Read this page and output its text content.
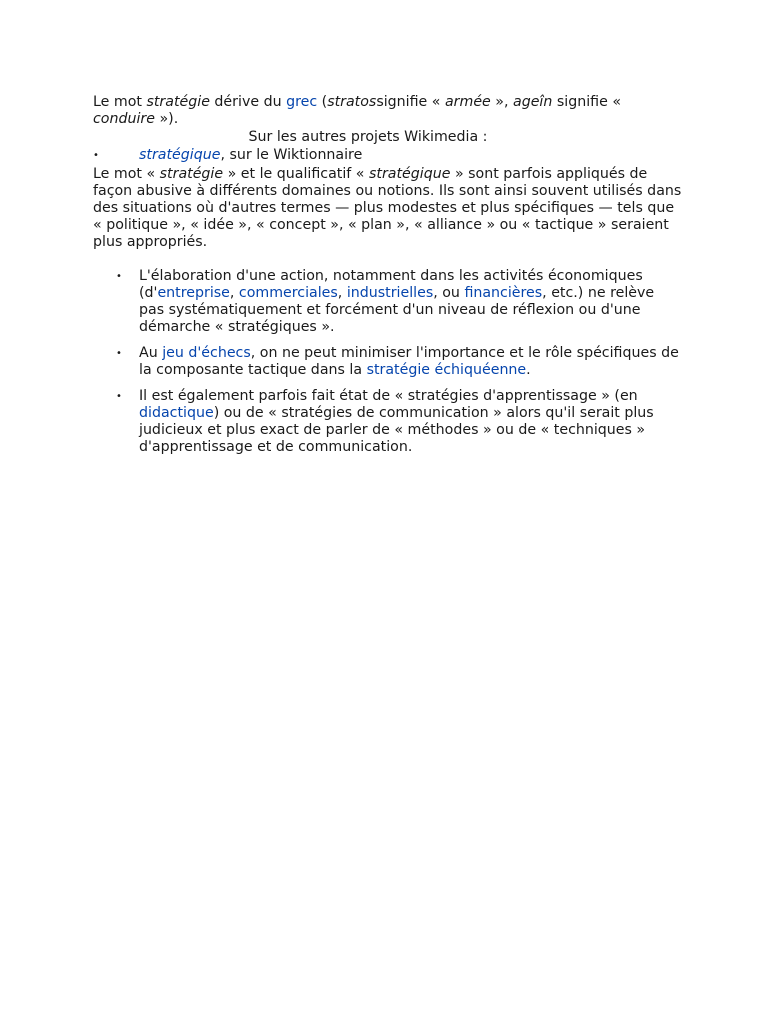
Le mot stratégie dérive du grec (stratossignifie « armée », ageîn signifie « conduire »).

Sur les autres projets Wikimedia :

• stratégique, sur le Wiktionnaire

Le mot « stratégie » et le qualificatif « stratégique » sont parfois appliqués de façon abusive à différents domaines ou notions. Ils sont ainsi souvent utilisés dans des situations où d'autres termes — plus modestes et plus spécifiques — tels que « politique », « idée », « concept », « plan », « alliance » ou « tactique » seraient plus appropriés.

• L'élaboration d'une action, notamment dans les activités économiques (d'entreprise, commerciales, industrielles, ou financières, etc.) ne relève pas systématiquement et forcément d'un niveau de réflexion ou d'une démarche « stratégiques ».
• Au jeu d'échecs, on ne peut minimiser l'importance et le rôle spécifiques de la composante tactique dans la stratégie échiquéenne.
• Il est également parfois fait état de « stratégies d'apprentissage » (en didactique) ou de « stratégies de communication » alors qu'il serait plus judicieux et plus exact de parler de « méthodes » ou de « techniques » d'apprentissage et de communication.
